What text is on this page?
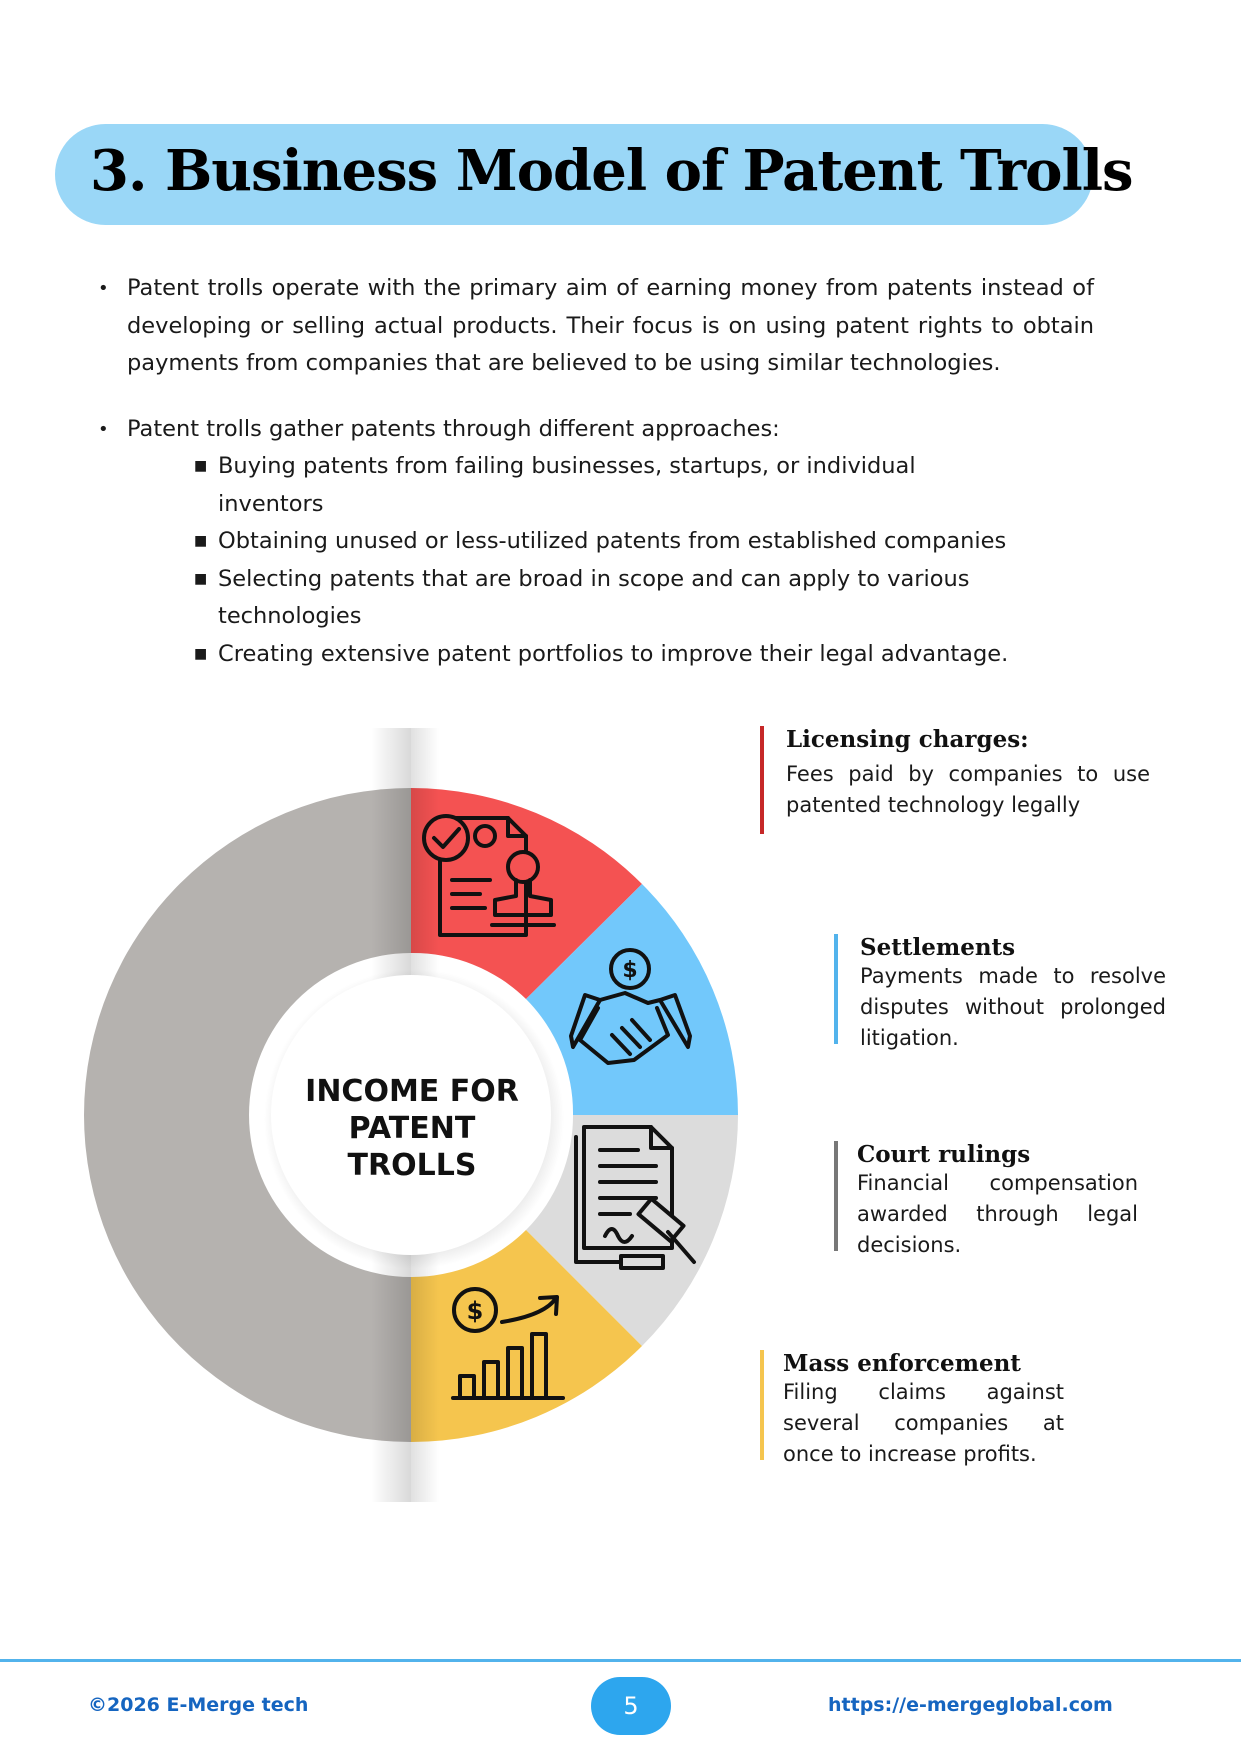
3. Business Model of Patent Trolls
• Patent trolls operate with the primary aim of earning money from patents instead of developing or selling actual products. Their focus is on using patent rights to obtain payments from companies that are believed to be using similar technologies.
• Patent trolls gather patents through different approaches:
■ Buying patents from failing businesses, startups, or individual inventors
■ Obtaining unused or less-utilized patents from established companies
■ Selecting patents that are broad in scope and can apply to various technologies
■ Creating extensive patent portfolios to improve their legal advantage.
$
$
INCOME FOR PATENT TROLLS
Licensing charges:
Fees paid by companies to use patented technology legally
Settlements
Payments made to resolve disputes without prolonged litigation.
Court rulings
Financial compensation awarded through legal decisions.
Mass enforcement
Filing claims against several companies at once to increase profits.
©2026 E-Merge tech	5	https://e-mergeglobal.com
